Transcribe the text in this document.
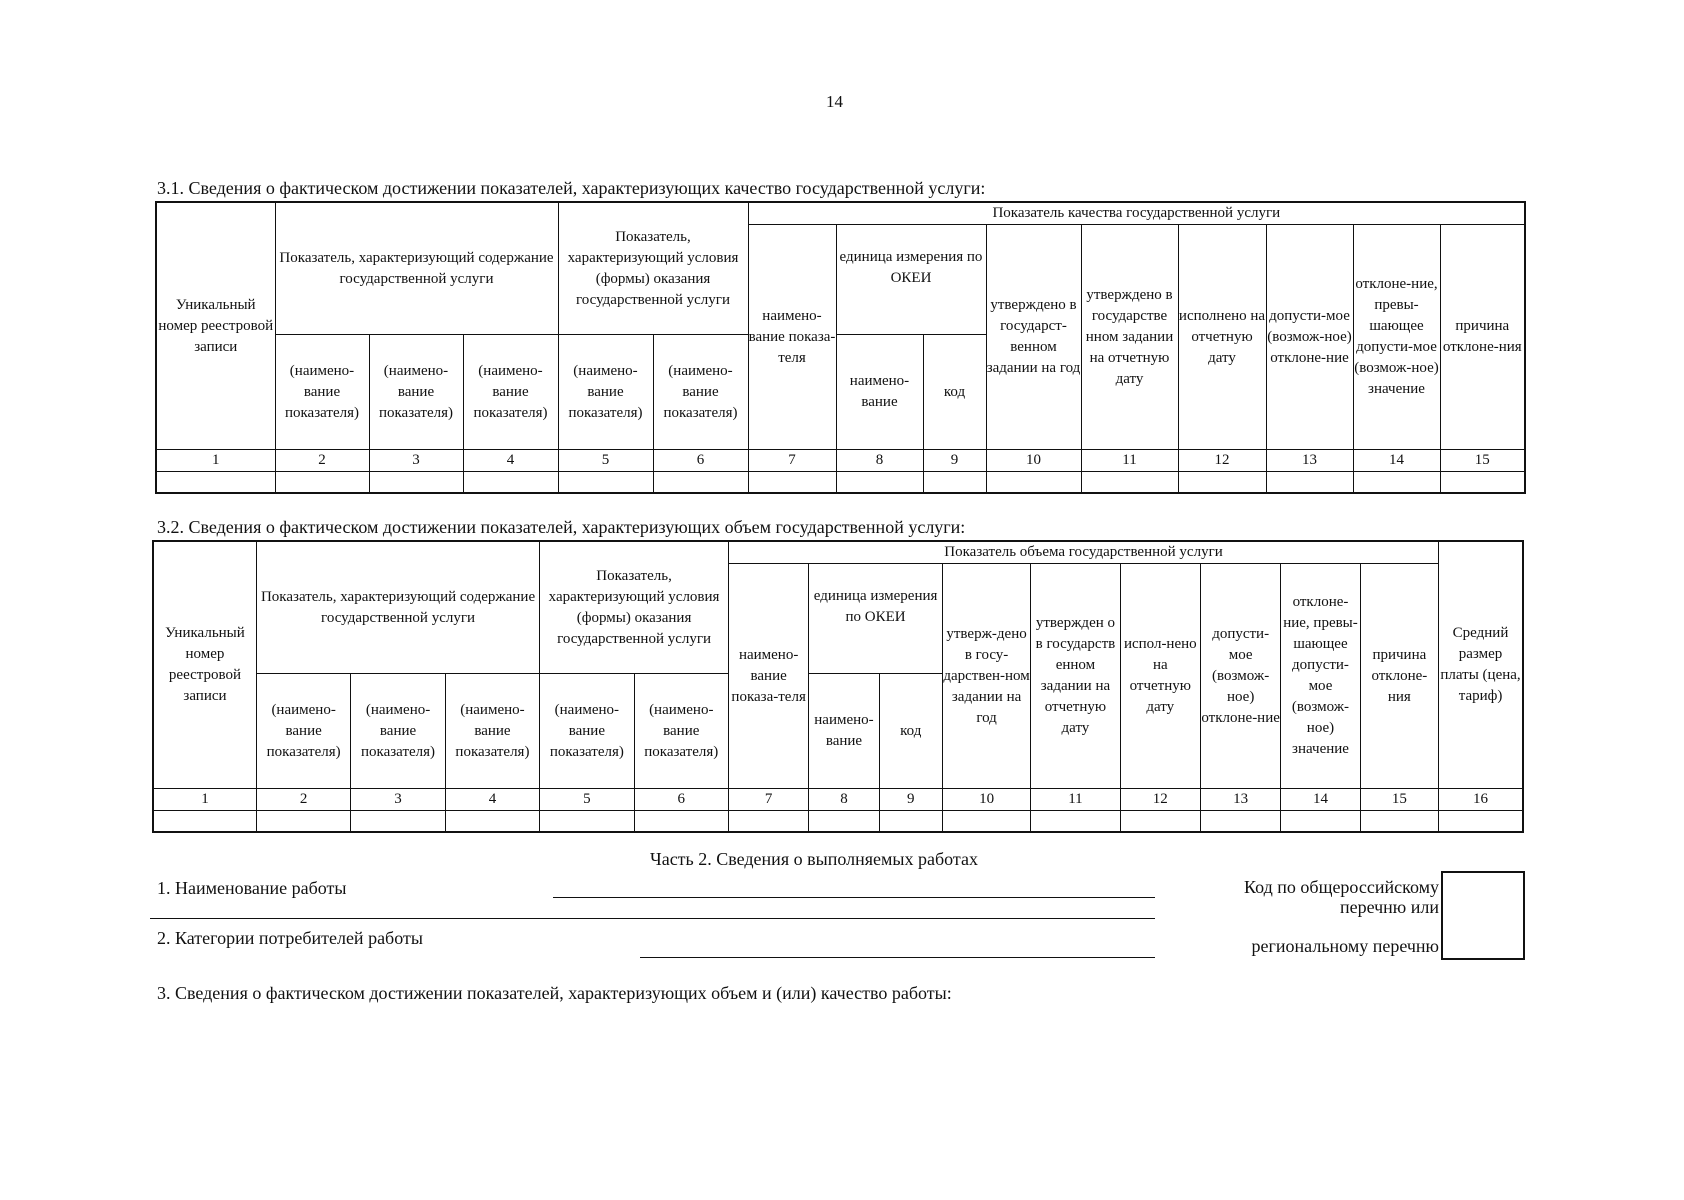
14
3.1. Сведения о фактическом достижении показателей, характеризующих качество государственной услуги:
Уникальный номер реестровой записи	Показатель, характеризующий содержание государственной услуги			Показатель, характеризующий условия (формы) оказания государственной услуги		Показатель качества государственной услуги								
						наимено-вание показа-теля	единица измерения по ОКЕИ		утверждено в государст-венном задании на год	утверждено в государстве нном задании на отчетную дату	исполнено на отчетную дату	допусти-мое (возмож-ное) отклоне-ние	отклоне-ние, превы-шающее допусти-мое (возмож-ное) значение	причина отклоне-ния
	(наимено-вание показателя)	(наимено-вание показателя)	(наимено-вание показателя)	(наимено-вание показателя)	(наимено-вание показателя)		наимено-вание	код						
1	2	3	4	5	6	7	8	9	10	11	12	13	14	15

3.2. Сведения о фактическом достижении показателей, характеризующих объем государственной услуги:
Уникальный номер реестровой записи	Показатель, характеризующий содержание государственной услуги			Показатель, характеризующий условия (формы) оказания государственной услуги		Показатель объема государственной услуги									Средний размер платы (цена, тариф)
						наимено-вание показа-теля	единица измерения по ОКЕИ		утверж-дено в госу-дарствен-ном задании на год	утвержден о в государств енном задании на отчетную дату	испол-нено на отчетную дату	допусти-мое (возмож-ное) отклоне-ние	отклоне-ние, превы-шающее допусти-мое (возмож-ное) значение	причина отклоне-ния	
	(наимено-вание показателя)	(наимено-вание показателя)	(наимено-вание показателя)	(наимено-вание показателя)	(наимено-вание показателя)		наимено-вание	код							
1	2	3	4	5	6	7	8	9	10	11	12	13	14	15	16

Часть 2. Сведения о выполняемых работах
1. Наименование работы
2. Категории потребителей работы
Код по общероссийскому
перечню или
региональному перечню
3. Сведения о фактическом достижении показателей, характеризующих объем и (или) качество работы:
